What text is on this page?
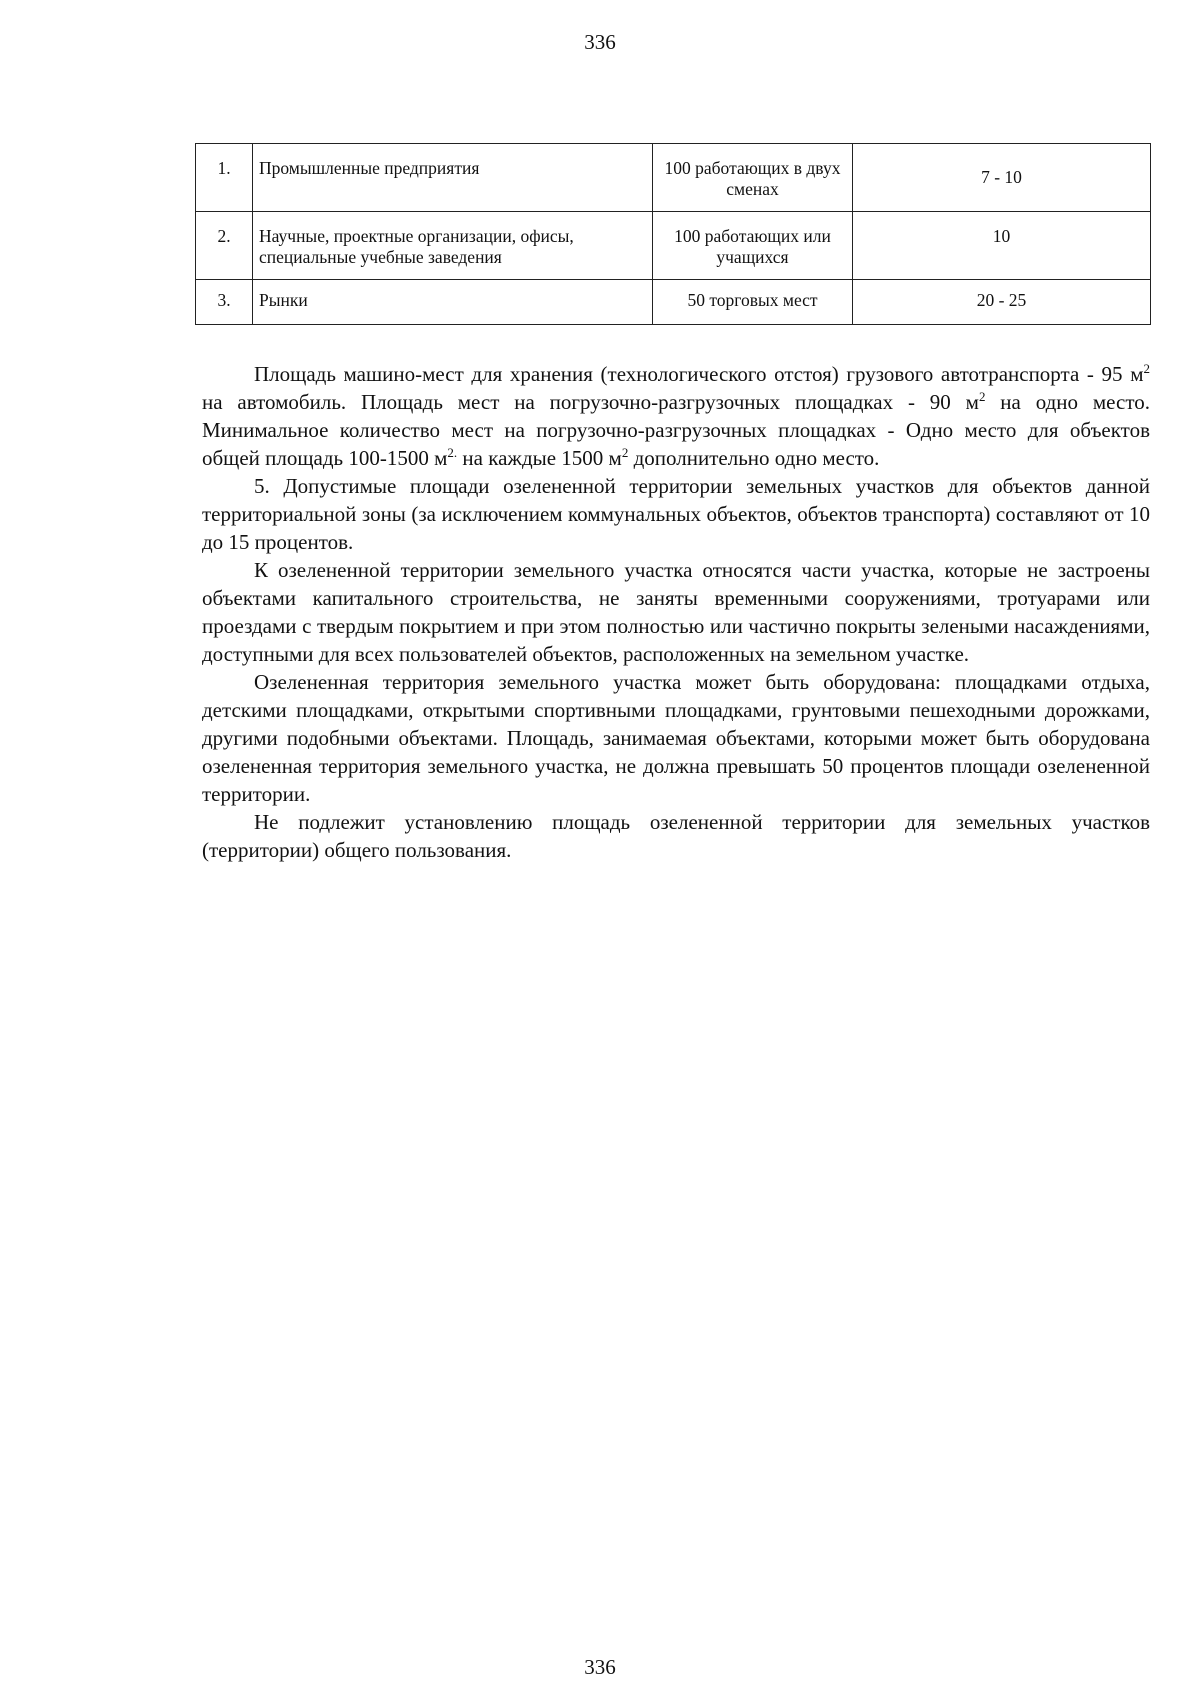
336
1.	Промышленные предприятия	100 работающих в двух сменах	7 - 10
2.	Научные, проектные организации, офисы, специальные учебные заведения	100 работающих или учащихся	10
3.	Рынки	50 торговых мест	20 - 25

Площадь машино-мест для хранения (технологического отстоя) грузового автотранспорта - 95 $м^2$ на автомобиль. Площадь мест на погрузочно-разгрузочных площадках - 90 $м^2$ на одно место. Минимальное количество мест на погрузочно-разгрузочных площадках - Одно место для объектов общей площадь 100-1500 $м^{2.}$ на каждые 1500 $м^2$ дополнительно одно место.

5. Допустимые площади озелененной территории земельных участков для объектов данной территориальной зоны (за исключением коммунальных объектов, объектов транспорта) составляют от 10 до 15 процентов.

К озелененной территории земельного участка относятся части участка, которые не застроены объектами капитального строительства, не заняты временными сооружениями, тротуарами или проездами с твердым покрытием и при этом полностью или частично покрыты зелеными насаждениями, доступными для всех пользователей объектов, расположенных на земельном участке.

Озелененная территория земельного участка может быть оборудована: площадками отдыха, детскими площадками, открытыми спортивными площадками, грунтовыми пешеходными дорожками, другими подобными объектами. Площадь, занимаемая объектами, которыми может быть оборудована озелененная территория земельного участка, не должна превышать 50 процентов площади озелененной территории.

Не подлежит установлению площадь озелененной территории для земельных участков (территории) общего пользования.

336
